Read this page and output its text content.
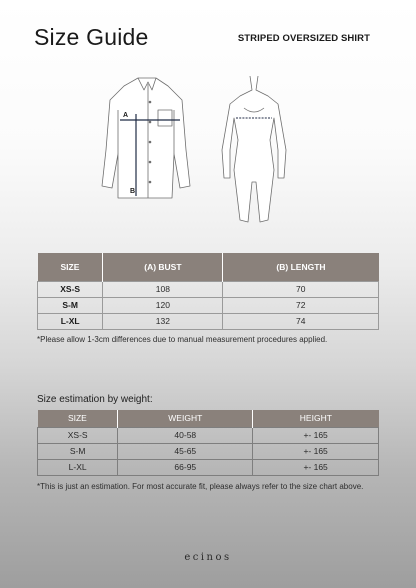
Size Guide	STRIPED OVERSIZED SHIRT
A
B
SIZE	(A) BUST	(B) LENGTH
XS-S	108	70
S-M	120	72
L-XL	132	74

*Please allow 1-3cm differences due to manual measurement procedures applied.

Size estimation by weight:
SIZE	WEIGHT	HEIGHT
XS-S	40-58	+- 165
S-M	45-65	+- 165
L-XL	66-95	+- 165

*This is just an estimation. For most accurate fit, please always refer to the size chart above.

ecinos
